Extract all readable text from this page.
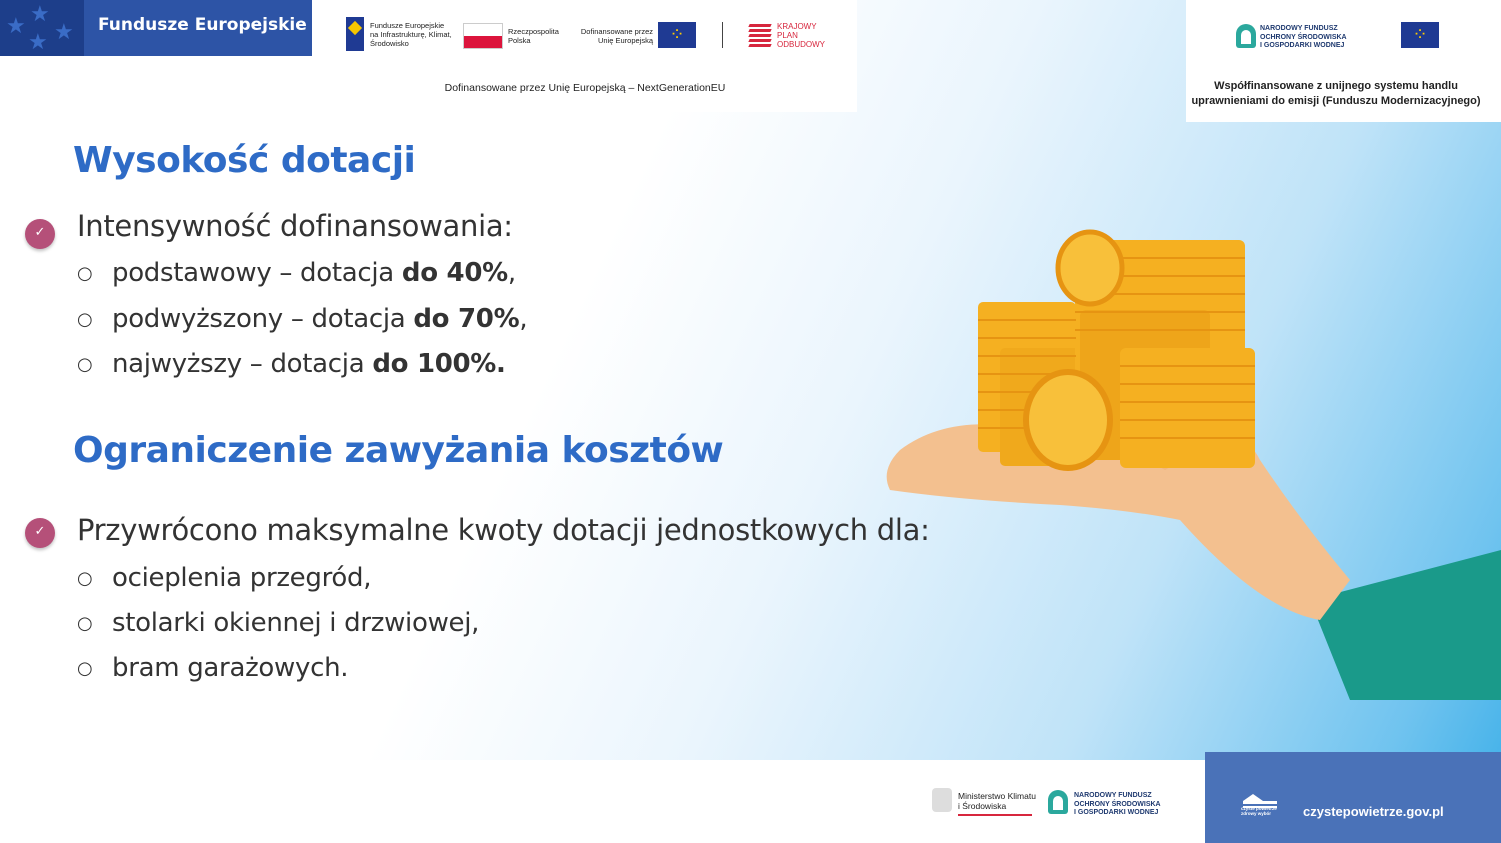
★ ★
★
★
Fundusze Europejskie	Fundusze Europejskie na Infrastrukturę, Klimat, Środowisko
Rzeczpospolita Polska
Dofinansowane przez Unię Europejską ⁘	KRAJOWY PLAN ODBUDOWY
Dofinansowane przez Unię Europejską – NextGenerationEU
NARODOWY FUNDUSZ OCHRONY ŚRODOWISKA I GOSPODARKI WODNEJ
⁘
Współfinansowane z unijnego systemu handlu
uprawnieniami do emisji (Funduszu Modernizacyjnego)
Wysokość dotacji
✓
Intensywność dofinansowania:
○ podstawowy – dotacja do 40%,
○ podwyższony – dotacja do 70%,
○ najwyższy – dotacja do 100%.
Ograniczenie zawyżania kosztów
✓
Przywrócono maksymalne kwoty dotacji jednostkowych dla:
○ ocieplenia przegród,
○ stolarki okiennej i drzwiowej,
○ bram garażowych.
Ministerstwo Klimatu i Środowiska
NARODOWY FUNDUSZ OCHRONY ŚRODOWISKA I GOSPODARKI WODNEJ
czyste powietrze zdrowy wybór	czystepowietrze.gov.pl
